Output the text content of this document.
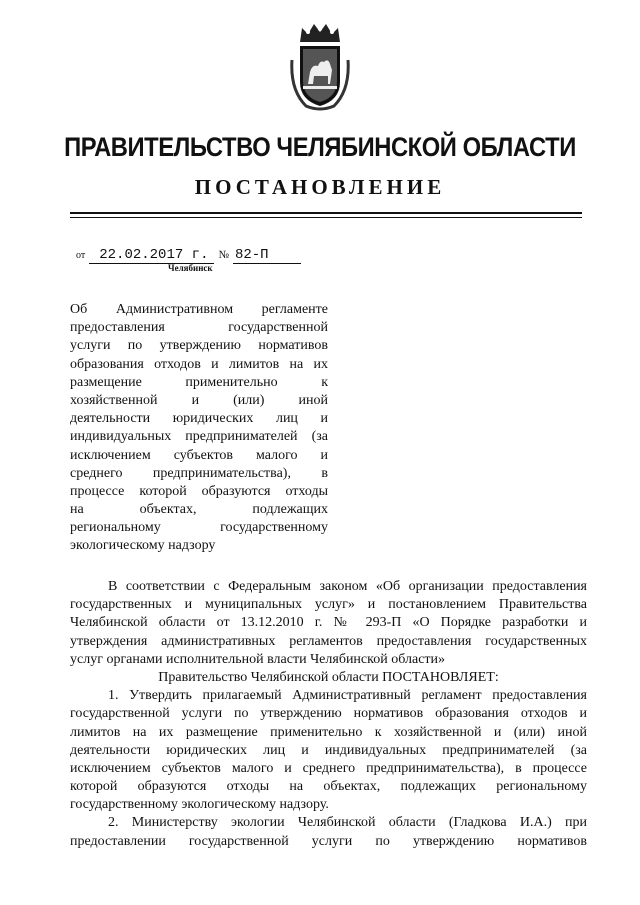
ПРАВИТЕЛЬСТВО ЧЕЛЯБИНСКОЙ ОБЛАСТИ
ПОСТАНОВЛЕНИЕ
от 22.02.2017 г. № 82-П
Челябинск
Об Административном регламенте
предоставления государственной
услуги по утверждению нормативов
образования отходов и лимитов на их
размещение применительно к
хозяйственной и (или) иной
деятельности юридических лиц и
индивидуальных предпринимателей (за
исключением субъектов малого и
среднего предпринимательства), в
процессе которой образуются отходы
на объектах, подлежащих
региональному государственному
экологическому надзору
В соответствии с Федеральным законом «Об организации предоставления
государственных и муниципальных услуг» и постановлением Правительства
Челябинской области от 13.12.2010 г. № 293-П «О Порядке разработки и
утверждения административных регламентов предоставления государственных
услуг органами исполнительной власти Челябинской области»
Правительство Челябинской области ПОСТАНОВЛЯЕТ:
1. Утвердить прилагаемый Административный регламент предоставления
государственной услуги по утверждению нормативов образования отходов и
лимитов на их размещение применительно к хозяйственной и (или) иной
деятельности юридических лиц и индивидуальных предпринимателей (за
исключением субъектов малого и среднего предпринимательства), в процессе
которой образуются отходы на объектах, подлежащих региональному
государственному экологическому надзору.
2. Министерству экологии Челябинской области (Гладкова И.А.) при
предоставлении государственной услуги по утверждению нормативов
